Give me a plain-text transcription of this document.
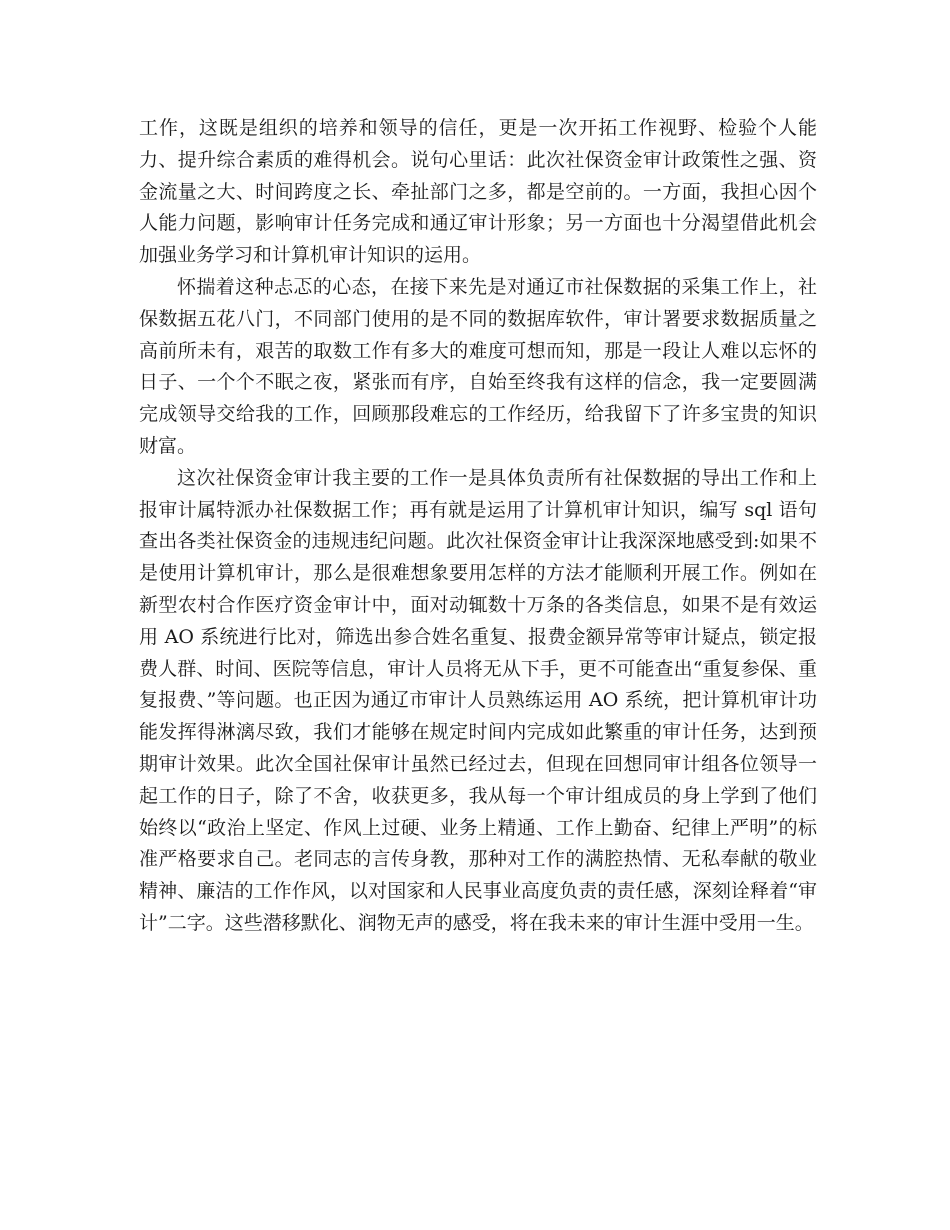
工作，这既是组织的培养和领导的信任，更是一次开拓工作视野、检验个人能力、提升综合素质的难得机会。说句心里话：此次社保资金审计政策性之强、资金流量之大、时间跨度之长、牵扯部门之多，都是空前的。一方面，我担心因个人能力问题，影响审计任务完成和通辽审计形象；另一方面也十分渴望借此机会加强业务学习和计算机审计知识的运用。

怀揣着这种忐忑的心态，在接下来先是对通辽市社保数据的采集工作上，社保数据五花八门，不同部门使用的是不同的数据库软件，审计署要求数据质量之高前所未有，艰苦的取数工作有多大的难度可想而知，那是一段让人难以忘怀的日子、一个个不眠之夜，紧张而有序，自始至终我有这样的信念，我一定要圆满完成领导交给我的工作，回顾那段难忘的工作经历，给我留下了许多宝贵的知识财富。

这次社保资金审计我主要的工作一是具体负责所有社保数据的导出工作和上报审计属特派办社保数据工作；再有就是运用了计算机审计知识，编写 sql 语句查出各类社保资金的违规违纪问题。此次社保资金审计让我深深地感受到:如果不是使用计算机审计，那么是很难想象要用怎样的方法才能顺利开展工作。例如在新型农村合作医疗资金审计中，面对动辄数十万条的各类信息，如果不是有效运用 AO 系统进行比对，筛选出参合姓名重复、报费金额异常等审计疑点，锁定报费人群、时间、医院等信息，审计人员将无从下手，更不可能查出“重复参保、重复报费、”等问题。也正因为通辽市审计人员熟练运用 AO 系统，把计算机审计功能发挥得淋漓尽致，我们才能够在规定时间内完成如此繁重的审计任务，达到预期审计效果。此次全国社保审计虽然已经过去，但现在回想同审计组各位领导一起工作的日子，除了不舍，收获更多，我从每一个审计组成员的身上学到了他们始终以“政治上坚定、作风上过硬、业务上精通、工作上勤奋、纪律上严明”的标准严格要求自己。老同志的言传身教，那种对工作的满腔热情、无私奉献的敬业精神、廉洁的工作作风，以对国家和人民事业高度负责的责任感，深刻诠释着“审计”二字。这些潜移默化、润物无声的感受，将在我未来的审计生涯中受用一生。
